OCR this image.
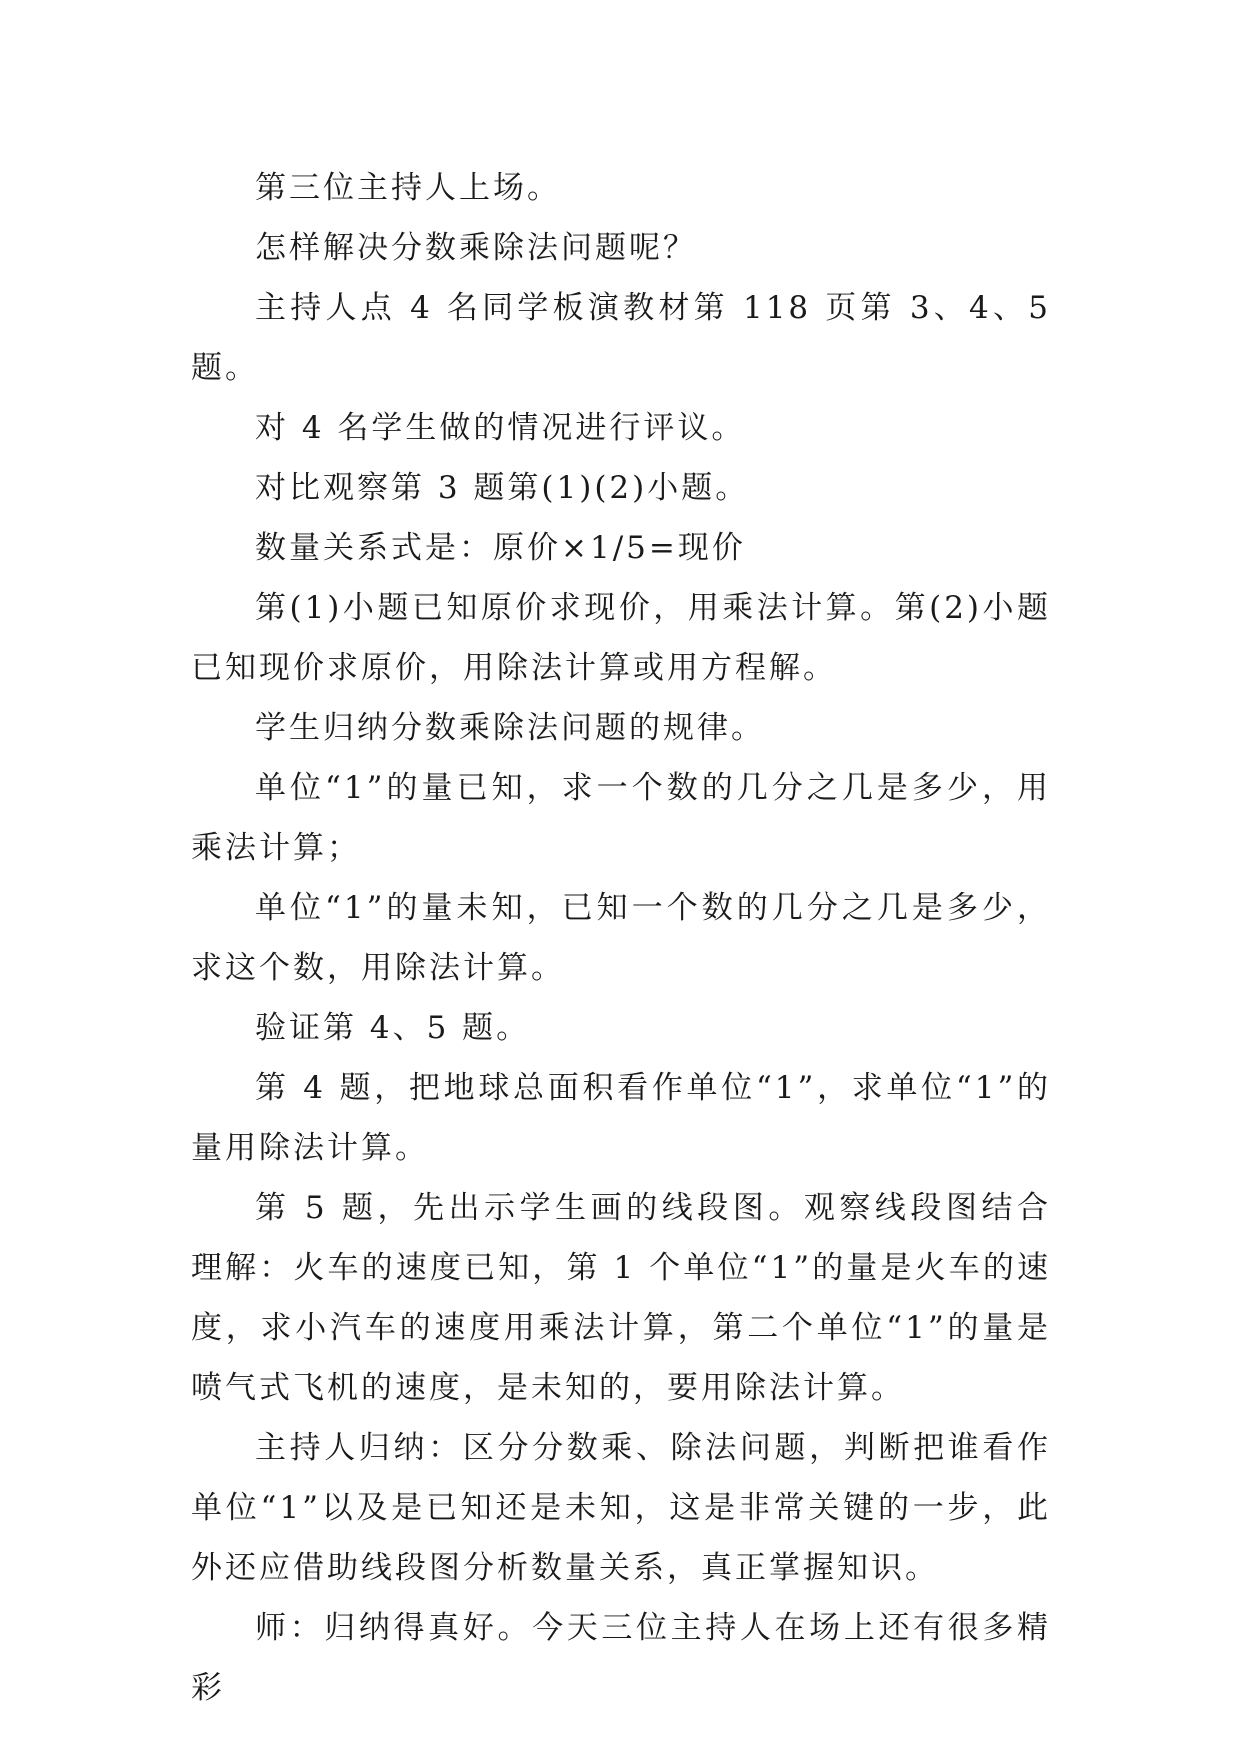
第三位主持人上场。

怎样解决分数乘除法问题呢？

主持人点 4 名同学板演教材第 118 页第 3、4、5 题。

对 4 名学生做的情况进行评议。

对比观察第 3 题第(1)(2)小题。

数量关系式是：原价×1/5=现价

第(1)小题已知原价求现价，用乘法计算。第(2)小题已知现价求原价，用除法计算或用方程解。

学生归纳分数乘除法问题的规律。

单位“1”的量已知，求一个数的几分之几是多少，用乘法计算；

单位“1”的量未知，已知一个数的几分之几是多少，求这个数，用除法计算。

验证第 4、5 题。

第 4 题，把地球总面积看作单位“1”，求单位“1”的量用除法计算。

第 5 题，先出示学生画的线段图。观察线段图结合理解：火车的速度已知，第 1 个单位“1”的量是火车的速度，求小汽车的速度用乘法计算，第二个单位“1”的量是喷气式飞机的速度，是未知的，要用除法计算。

主持人归纳：区分分数乘、除法问题，判断把谁看作单位“1”以及是已知还是未知，这是非常关键的一步，此外还应借助线段图分析数量关系，真正掌握知识。

师：归纳得真好。今天三位主持人在场上还有很多精彩
